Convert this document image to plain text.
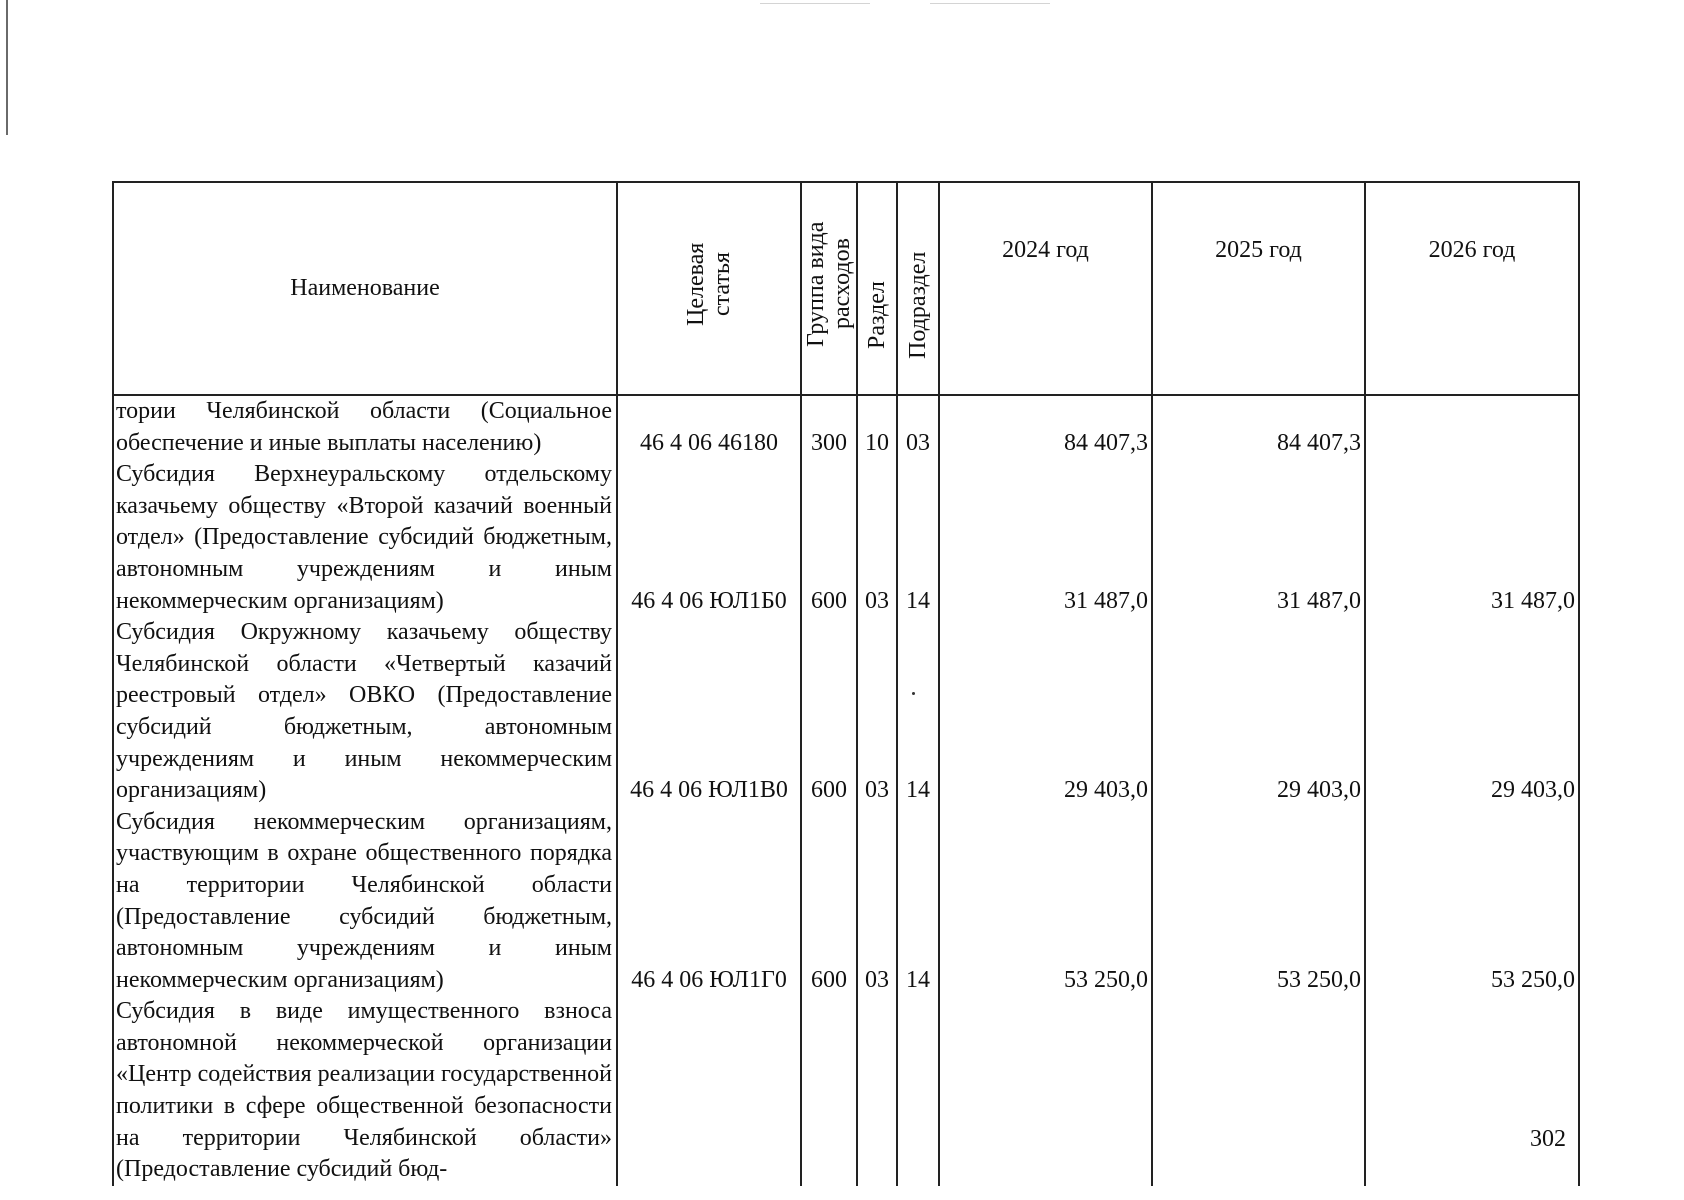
Наименование	Целевая статья	Группа вида расходов	Раздел	Подраздел	2024 год	2025 год	2026 год
тории Челябинской области (Социальное обеспечение и иные выплаты населению)	46 4 06 46180	300	10	03	84 407,3	84 407,3	
Субсидия Верхнеуральскому отдельскому казачьему обществу «Второй казачий военный отдел» (Предоставление субсидий бюджетным, автономным учреждениям и иным некоммерческим организациям)	46 4 06 ЮЛ1Б0	600	03	14	31 487,0	31 487,0	31 487,0
Субсидия Окружному казачьему обществу Челябинской области «Четвертый казачий реестровый отдел» ОВКО (Предоставление субсидий бюджетным, автономным учреждениям и иным некоммерческим организациям)	46 4 06 ЮЛ1В0	600	03	14	29 403,0	29 403,0	29 403,0
Субсидия некоммерческим организациям, участвующим в охране общественного порядка на территории Челябинской области (Предоставление субсидий бюджетным, автономным учреждениям и иным некоммерческим организациям)	46 4 06 ЮЛ1Г0	600	03	14	53 250,0	53 250,0	53 250,0
Субсидия в виде имущественного взноса автономной некоммерческой организации «Центр содействия реализации государственной политики в сфере общественной безопасности на территории Челябинской области» (Предоставление субсидий бюд-							
302
